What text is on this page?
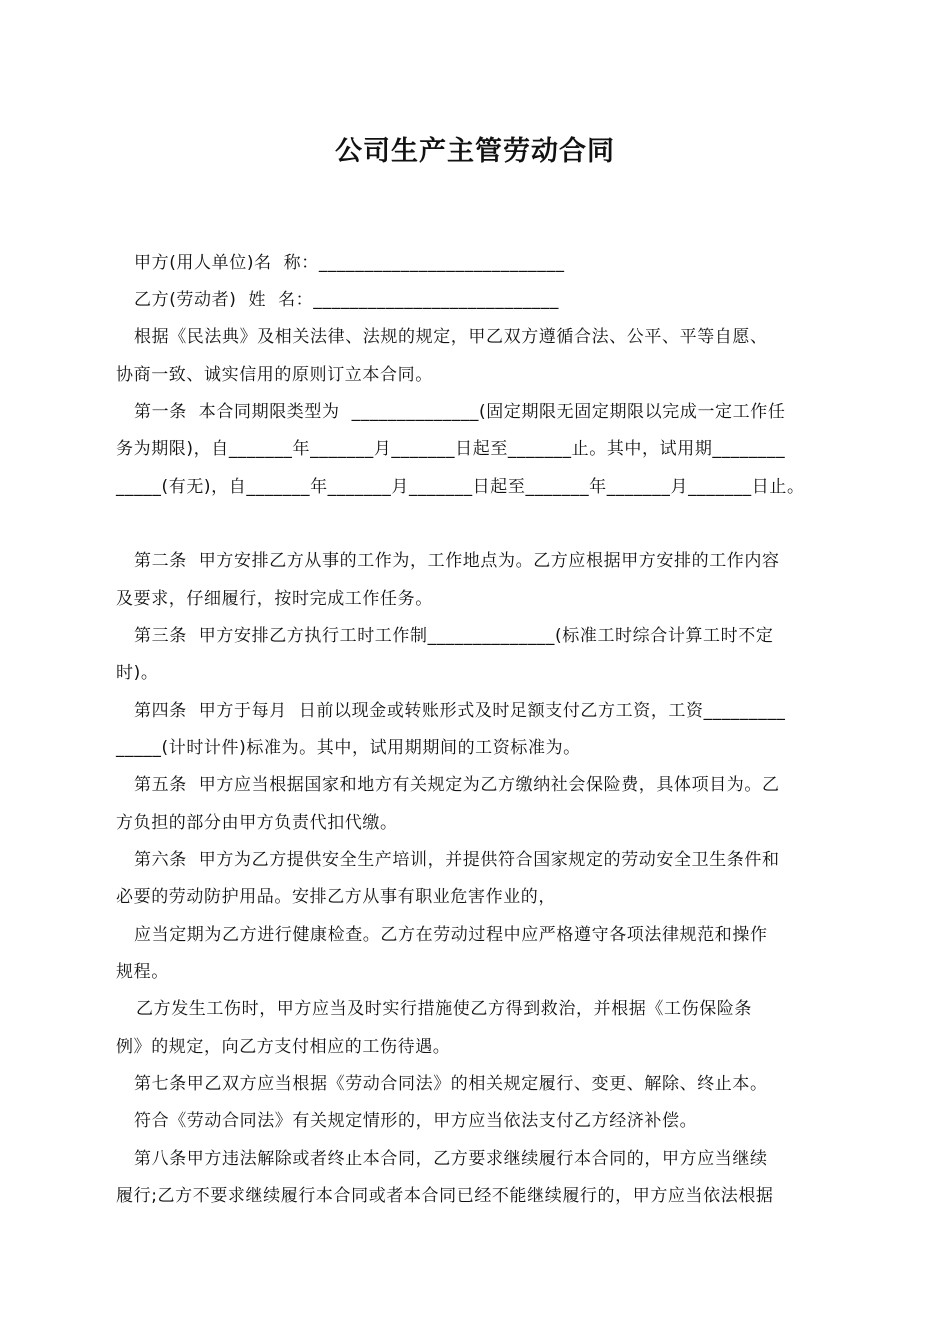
公司生产主管劳动合同
甲方(用人单位)名  称：___________________________
乙方(劳动者)  姓  名：___________________________
根据《民法典》及相关法律、法规的规定，甲乙双方遵循合法、公平、平等自愿、
协商一致、诚实信用的原则订立本合同。
第一条  本合同期限类型为  ______________(固定期限无固定期限以完成一定工作任
务为期限)，自_______年_______月_______日起至_______止。其中，试用期________
_____(有无)，自_______年_______月_______日起至_______年_______月_______日止。
第二条  甲方安排乙方从事的工作为，工作地点为。乙方应根据甲方安排的工作内容
及要求，仔细履行，按时完成工作任务。
第三条  甲方安排乙方执行工时工作制______________(标准工时综合计算工时不定
时)。
第四条  甲方于每月  日前以现金或转账形式及时足额支付乙方工资，工资_________
_____(计时计件)标准为。其中，试用期期间的工资标准为。
第五条  甲方应当根据国家和地方有关规定为乙方缴纳社会保险费，具体项目为。乙
方负担的部分由甲方负责代扣代缴。
第六条  甲方为乙方提供安全生产培训，并提供符合国家规定的劳动安全卫生条件和
必要的劳动防护用品。安排乙方从事有职业危害作业的，
应当定期为乙方进行健康检查。乙方在劳动过程中应严格遵守各项法律规范和操作
规程。
乙方发生工伤时，甲方应当及时实行措施使乙方得到救治，并根据《工伤保险条
例》的规定，向乙方支付相应的工伤待遇。
第七条甲乙双方应当根据《劳动合同法》的相关规定履行、变更、解除、终止本。
符合《劳动合同法》有关规定情形的，甲方应当依法支付乙方经济补偿。
第八条甲方违法解除或者终止本合同，乙方要求继续履行本合同的，甲方应当继续
履行;乙方不要求继续履行本合同或者本合同已经不能继续履行的，甲方应当依法根据
